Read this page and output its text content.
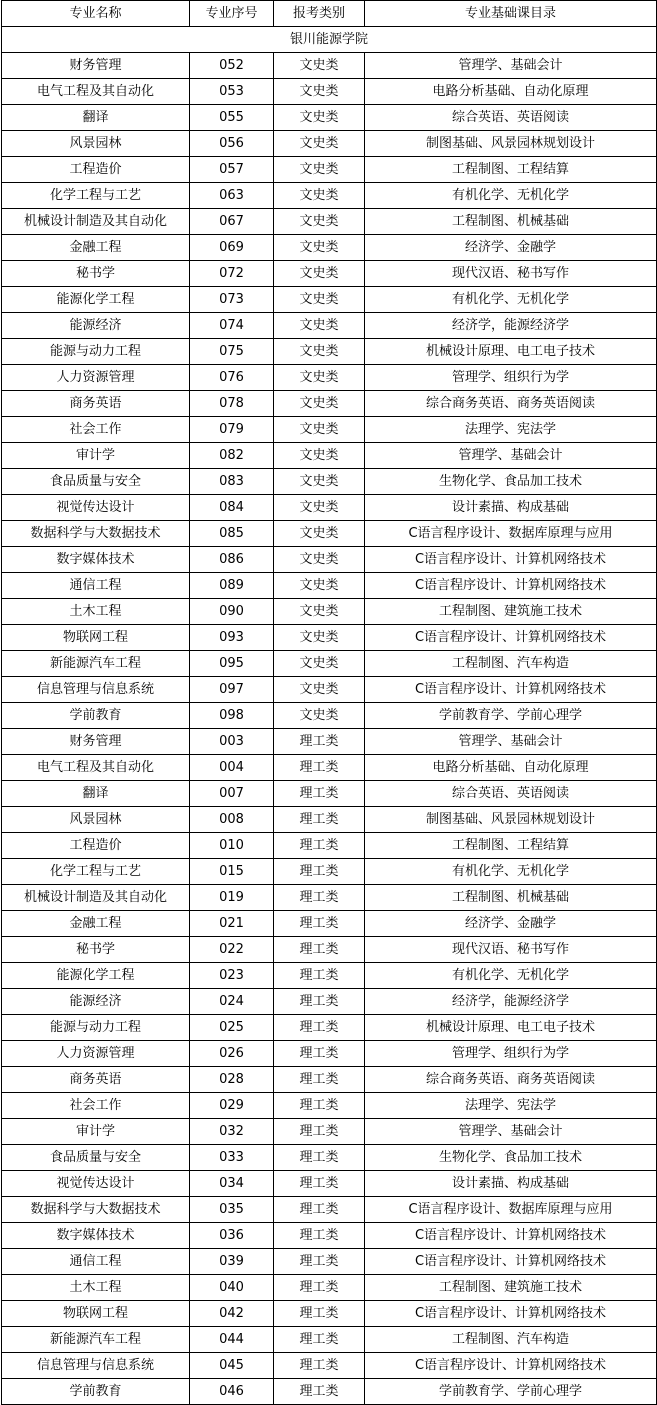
专业名称	专业序号	报考类别	专业基础课目录
银川能源学院			
财务管理	052	文史类	管理学、基础会计
电气工程及其自动化	053	文史类	电路分析基础、自动化原理
翻译	055	文史类	综合英语、英语阅读
风景园林	056	文史类	制图基础、风景园林规划设计
工程造价	057	文史类	工程制图、工程结算
化学工程与工艺	063	文史类	有机化学、无机化学
机械设计制造及其自动化	067	文史类	工程制图、机械基础
金融工程	069	文史类	经济学、金融学
秘书学	072	文史类	现代汉语、秘书写作
能源化学工程	073	文史类	有机化学、无机化学
能源经济	074	文史类	经济学，能源经济学
能源与动力工程	075	文史类	机械设计原理、电工电子技术
人力资源管理	076	文史类	管理学、组织行为学
商务英语	078	文史类	综合商务英语、商务英语阅读
社会工作	079	文史类	法理学、宪法学
审计学	082	文史类	管理学、基础会计
食品质量与安全	083	文史类	生物化学、食品加工技术
视觉传达设计	084	文史类	设计素描、构成基础
数据科学与大数据技术	085	文史类	C语言程序设计、数据库原理与应用
数字媒体技术	086	文史类	C语言程序设计、计算机网络技术
通信工程	089	文史类	C语言程序设计、计算机网络技术
土木工程	090	文史类	工程制图、建筑施工技术
物联网工程	093	文史类	C语言程序设计、计算机网络技术
新能源汽车工程	095	文史类	工程制图、汽车构造
信息管理与信息系统	097	文史类	C语言程序设计、计算机网络技术
学前教育	098	文史类	学前教育学、学前心理学
财务管理	003	理工类	管理学、基础会计
电气工程及其自动化	004	理工类	电路分析基础、自动化原理
翻译	007	理工类	综合英语、英语阅读
风景园林	008	理工类	制图基础、风景园林规划设计
工程造价	010	理工类	工程制图、工程结算
化学工程与工艺	015	理工类	有机化学、无机化学
机械设计制造及其自动化	019	理工类	工程制图、机械基础
金融工程	021	理工类	经济学、金融学
秘书学	022	理工类	现代汉语、秘书写作
能源化学工程	023	理工类	有机化学、无机化学
能源经济	024	理工类	经济学，能源经济学
能源与动力工程	025	理工类	机械设计原理、电工电子技术
人力资源管理	026	理工类	管理学、组织行为学
商务英语	028	理工类	综合商务英语、商务英语阅读
社会工作	029	理工类	法理学、宪法学
审计学	032	理工类	管理学、基础会计
食品质量与安全	033	理工类	生物化学、食品加工技术
视觉传达设计	034	理工类	设计素描、构成基础
数据科学与大数据技术	035	理工类	C语言程序设计、数据库原理与应用
数字媒体技术	036	理工类	C语言程序设计、计算机网络技术
通信工程	039	理工类	C语言程序设计、计算机网络技术
土木工程	040	理工类	工程制图、建筑施工技术
物联网工程	042	理工类	C语言程序设计、计算机网络技术
新能源汽车工程	044	理工类	工程制图、汽车构造
信息管理与信息系统	045	理工类	C语言程序设计、计算机网络技术
学前教育	046	理工类	学前教育学、学前心理学
